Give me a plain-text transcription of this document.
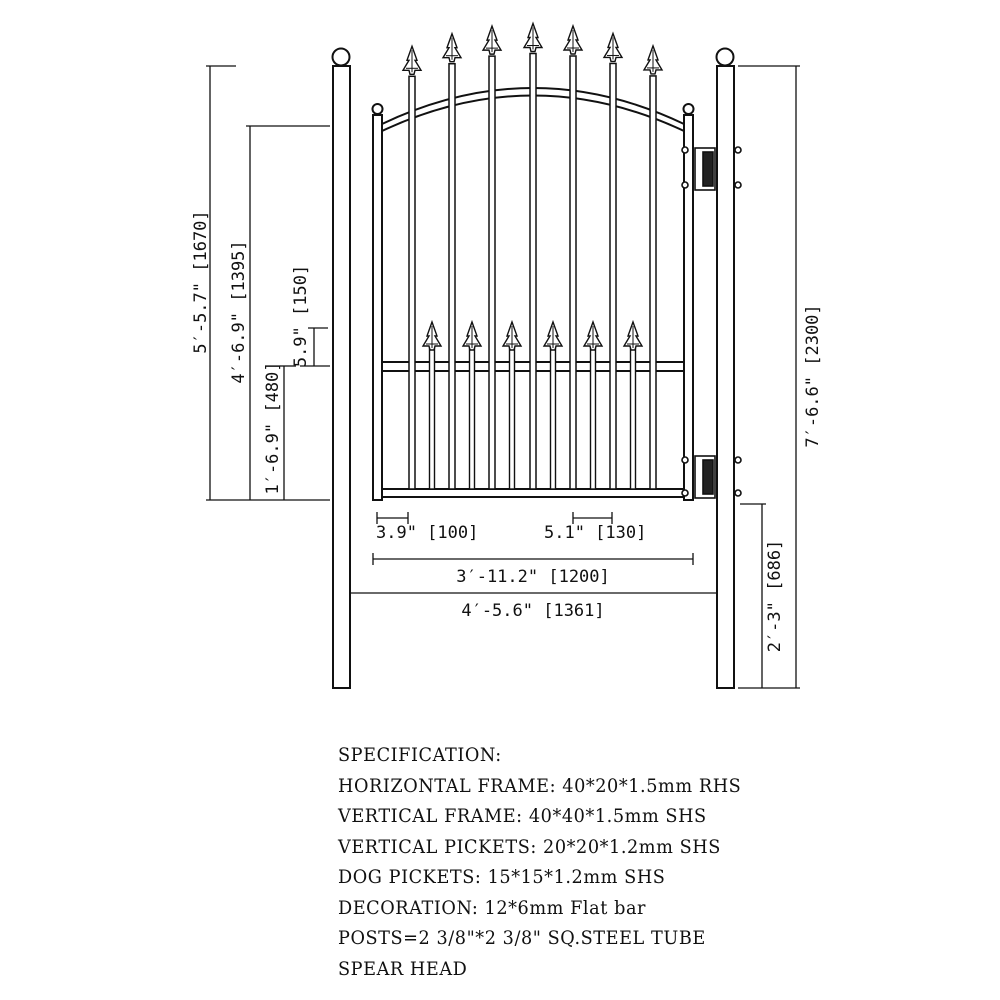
5′-5.7" [1670] 4′-6.9" [1395] 5.9" [150]
1′-6.9" [480]	7′-6.6" [2300]
2′-3" [686]
3.9" [100]	5.1" [130]
3′-11.2" [1200]
4′-5.6" [1361]
SPECIFICATION:
HORIZONTAL FRAME: 40*20*1.5mm RHS
VERTICAL FRAME: 40*40*1.5mm SHS
VERTICAL PICKETS: 20*20*1.2mm SHS
DOG PICKETS: 15*15*1.2mm SHS
DECORATION: 12*6mm Flat bar
POSTS=2 3/8"*2 3/8" SQ.STEEL TUBE
SPEAR HEAD
